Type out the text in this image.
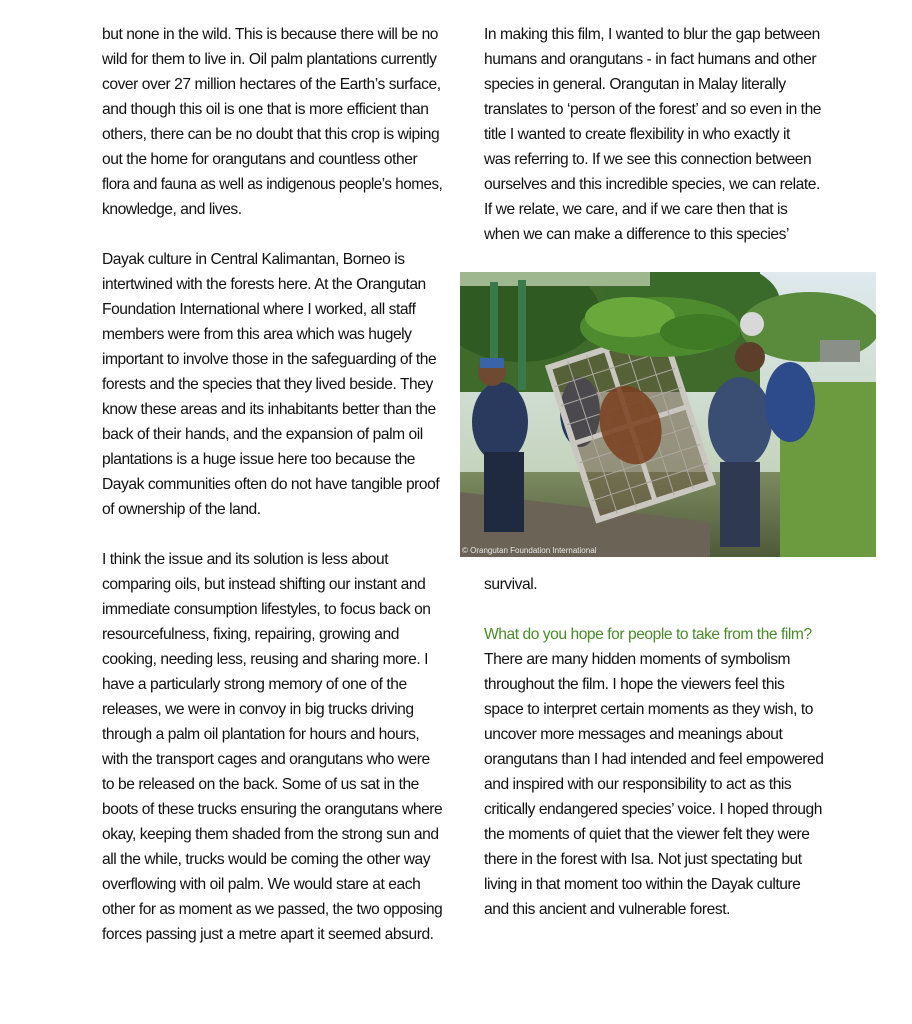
but none in the wild. This is because there will be no

wild for them to live in. Oil palm plantations currently

cover over 27 million hectares of the Earth’s surface,

and though this oil is one that is more efficient than

others, there can be no doubt that this crop is wiping

out the home for orangutans and countless other

flora and fauna as well as indigenous people’s homes,

knowledge, and lives.

Dayak culture in Central Kalimantan, Borneo is

intertwined with the forests here. At the Orangutan

Foundation International where I worked, all staff

members were from this area which was hugely

important to involve those in the safeguarding of the

forests and the species that they lived beside. They

know these areas and its inhabitants better than the

back of their hands, and the expansion of palm oil

plantations is a huge issue here too because the

Dayak communities often do not have tangible proof

of ownership of the land.

I think the issue and its solution is less about

comparing oils, but instead shifting our instant and

immediate consumption lifestyles, to focus back on

resourcefulness, fixing, repairing, growing and

cooking, needing less, reusing and sharing more. I

have a particularly strong memory of one of the

releases, we were in convoy in big trucks driving

through a palm oil plantation for hours and hours,

with the transport cages and orangutans who were

to be released on the back. Some of us sat in the

boots of these trucks ensuring the orangutans where

okay, keeping them shaded from the strong sun and

all the while, trucks would be coming the other way

overflowing with oil palm. We would stare at each

other for as moment as we passed, the two opposing

forces passing just a metre apart it seemed absurd.

In making this film, I wanted to blur the gap between

humans and orangutans - in fact humans and other

species in general. Orangutan in Malay literally

translates to ‘person of the forest’ and so even in the

title I wanted to create flexibility in who exactly it

was referring to. If we see this connection between

ourselves and this incredible species, we can relate.

If we relate, we care, and if we care then that is

when we can make a difference to this species’

© Orangutan Foundation International

survival.

What do you hope for people to take from the film?

There are many hidden moments of symbolism

throughout the film. I hope the viewers feel this

space to interpret certain moments as they wish, to

uncover more messages and meanings about

orangutans than I had intended and feel empowered

and inspired with our responsibility to act as this

critically endangered species’ voice. I hoped through

the moments of quiet that the viewer felt they were

there in the forest with Isa. Not just spectating but

living in that moment too within the Dayak culture

and this ancient and vulnerable forest.
